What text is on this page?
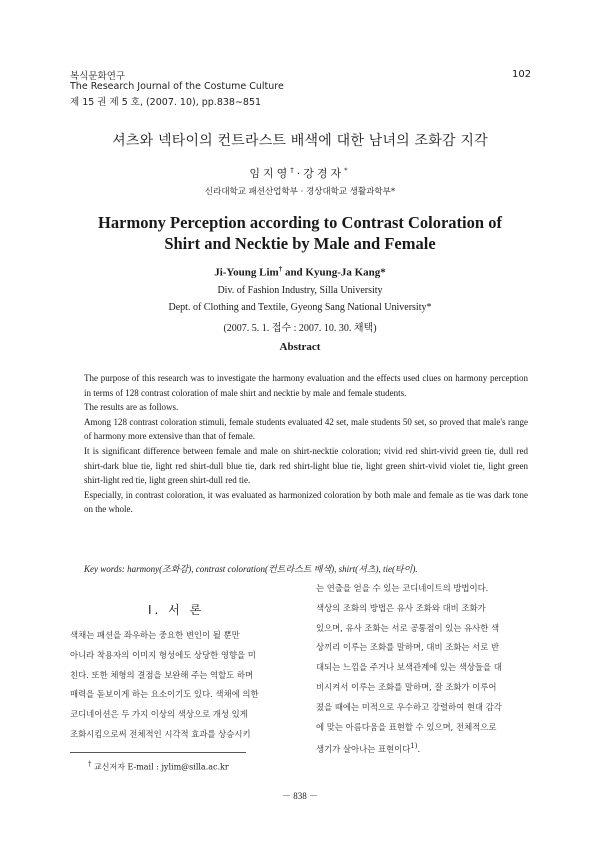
복식문화연구
The Research Journal of the Costume Culture
제 15 권 제 5 호, (2007. 10), pp.838∼851
102
셔츠와 넥타이의 컨트라스트 배색에 대한 남녀의 조화감 지각
임지영†·강경자*
신라대학교 패션산업학부 · 경상대학교 생활과학부*
Harmony Perception according to Contrast Coloration of
Shirt and Necktie by Male and Female
Ji-Young Lim† and Kyung-Ja Kang*
Div. of Fashion Industry, Silla University
Dept. of Clothing and Textile, Gyeong Sang National University*
(2007. 5. 1. 접수 : 2007. 10. 30. 채택)
Abstract

The purpose of this research was to investigate the harmony evaluation and the effects used clues on harmony perception in terms of 128 contrast coloration of male shirt and necktie by male and female students.

The results are as follows.

Among 128 contrast coloration stimuli, female students evaluated 42 set, male students 50 set, so proved that male's range of harmony more extensive than that of female.

It is significant difference between female and male on shirt-necktie coloration; vivid red shirt-vivid green tie, dull red shirt-dark blue tie, light red shirt-dull blue tie, dark red shirt-light blue tie, light green shirt-vivid violet tie, light green shirt-light red tie, light green shirt-dull red tie.

Especially, in contrast coloration, it was evaluated as harmonized coloration by both male and female as tie was dark tone on the whole.

Key words: harmony(조화감), contrast coloration(컨트라스트 배색), shirt(셔츠), tie(타이).
Ⅰ. 서 론
색채는 패션을 좌우하는 중요한 변인이 될 뿐만
아니라 착용자의 이미지 형성에도 상당한 영향을 미
친다. 또한 체형의 결점을 보완해 주는 역할도 하며
매력을 돋보이게 하는 요소이기도 있다. 색채에 의한
코디네이션은 두 가지 이상의 색상으로 개성 있게
조화시킴으로써 전체적인 시각적 효과를 상승시키
는 연출을 얻을 수 있는 코디네이트의 방법이다.
색상의 조화의 방법은 유사 조화와 대비 조화가
있으며, 유사 조화는 서로 공통점이 있는 유사한 색
상끼리 이루는 조화를 말하며, 대비 조화는 서로 반
대되는 느낌을 주거나 보색관계에 있는 색상들을 대
비시켜서 이루는 조화를 말하며, 잘 조화가 이루어
졌을 때에는 미적으로 우수하고 강렬하여 현대 감각
에 맞는 아름다움을 표현할 수 있으며, 전체적으로
생기가 살아나는 표현이다$^{1)}$.
† 교신저자 E-mail : jylim@silla.ac.kr
－ 838 －
